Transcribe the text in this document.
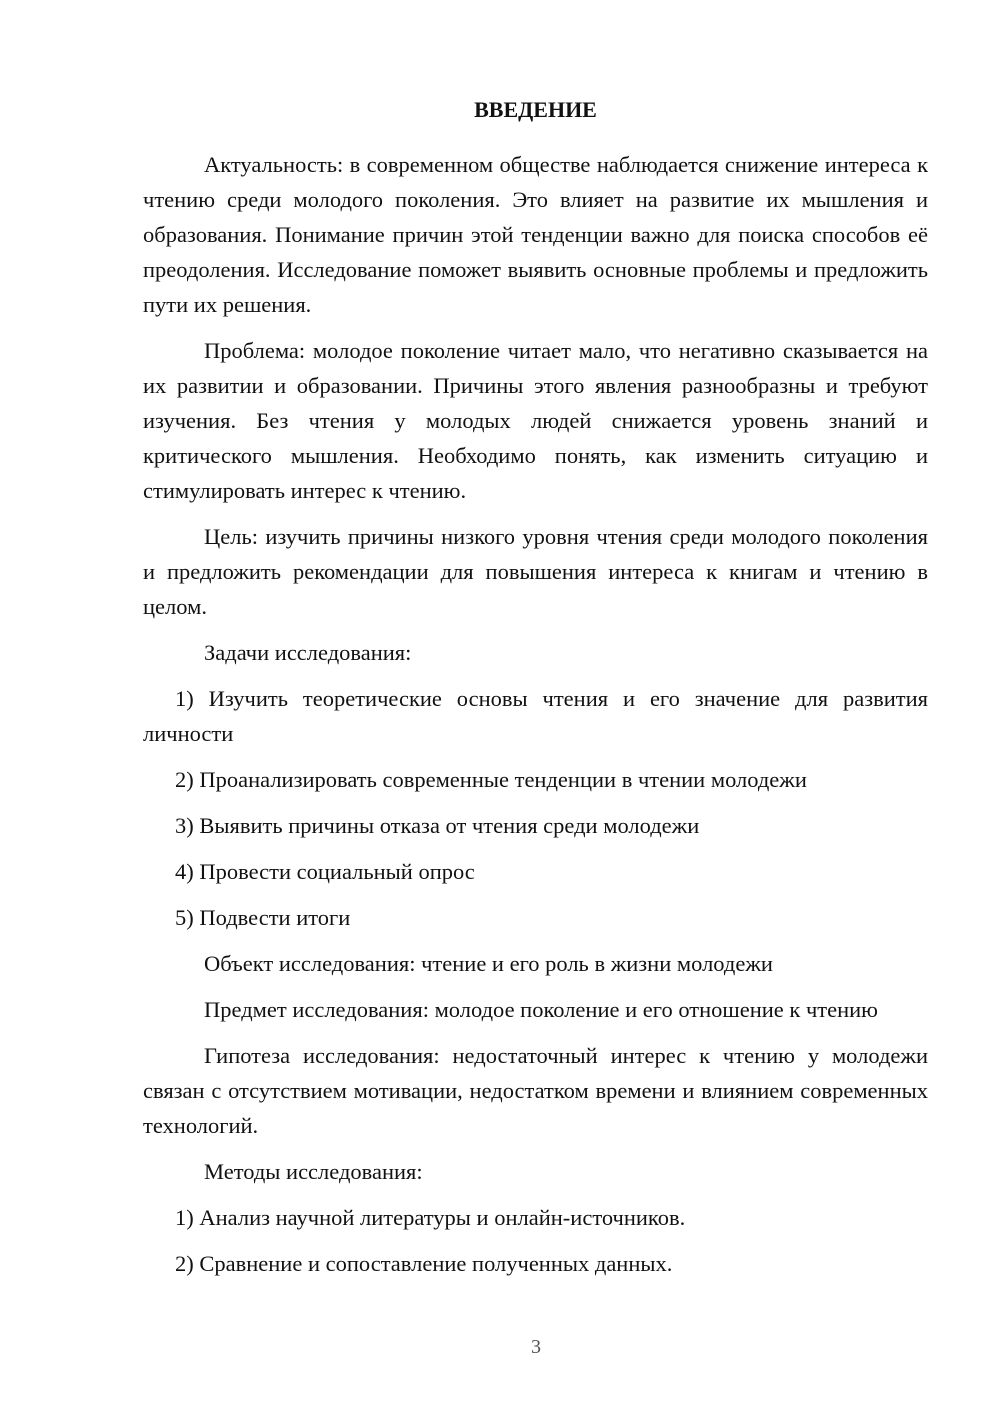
ВВЕДЕНИЕ

Актуальность: в современном обществе наблюдается снижение интереса к чтению среди молодого поколения. Это влияет на развитие их мышления и образования. Понимание причин этой тенденции важно для поиска способов её преодоления. Исследование поможет выявить основные проблемы и предложить пути их решения.

Проблема: молодое поколение читает мало, что негативно сказывается на их развитии и образовании. Причины этого явления разнообразны и требуют изучения. Без чтения у молодых людей снижается уровень знаний и критического мышления. Необходимо понять, как изменить ситуацию и стимулировать интерес к чтению.

Цель: изучить причины низкого уровня чтения среди молодого поколения и предложить рекомендации для повышения интереса к книгам и чтению в целом.

Задачи исследования:

1) Изучить теоретические основы чтения и его значение для развития личности

2) Проанализировать современные тенденции в чтении молодежи

3) Выявить причины отказа от чтения среди молодежи

4) Провести социальный опрос

5) Подвести итоги

Объект исследования: чтение и его роль в жизни молодежи

Предмет исследования: молодое поколение и его отношение к чтению

Гипотеза исследования: недостаточный интерес к чтению у молодежи связан с отсутствием мотивации, недостатком времени и влиянием современных технологий.

Методы исследования:

1) Анализ научной литературы и онлайн-источников.

2) Сравнение и сопоставление полученных данных.

3
